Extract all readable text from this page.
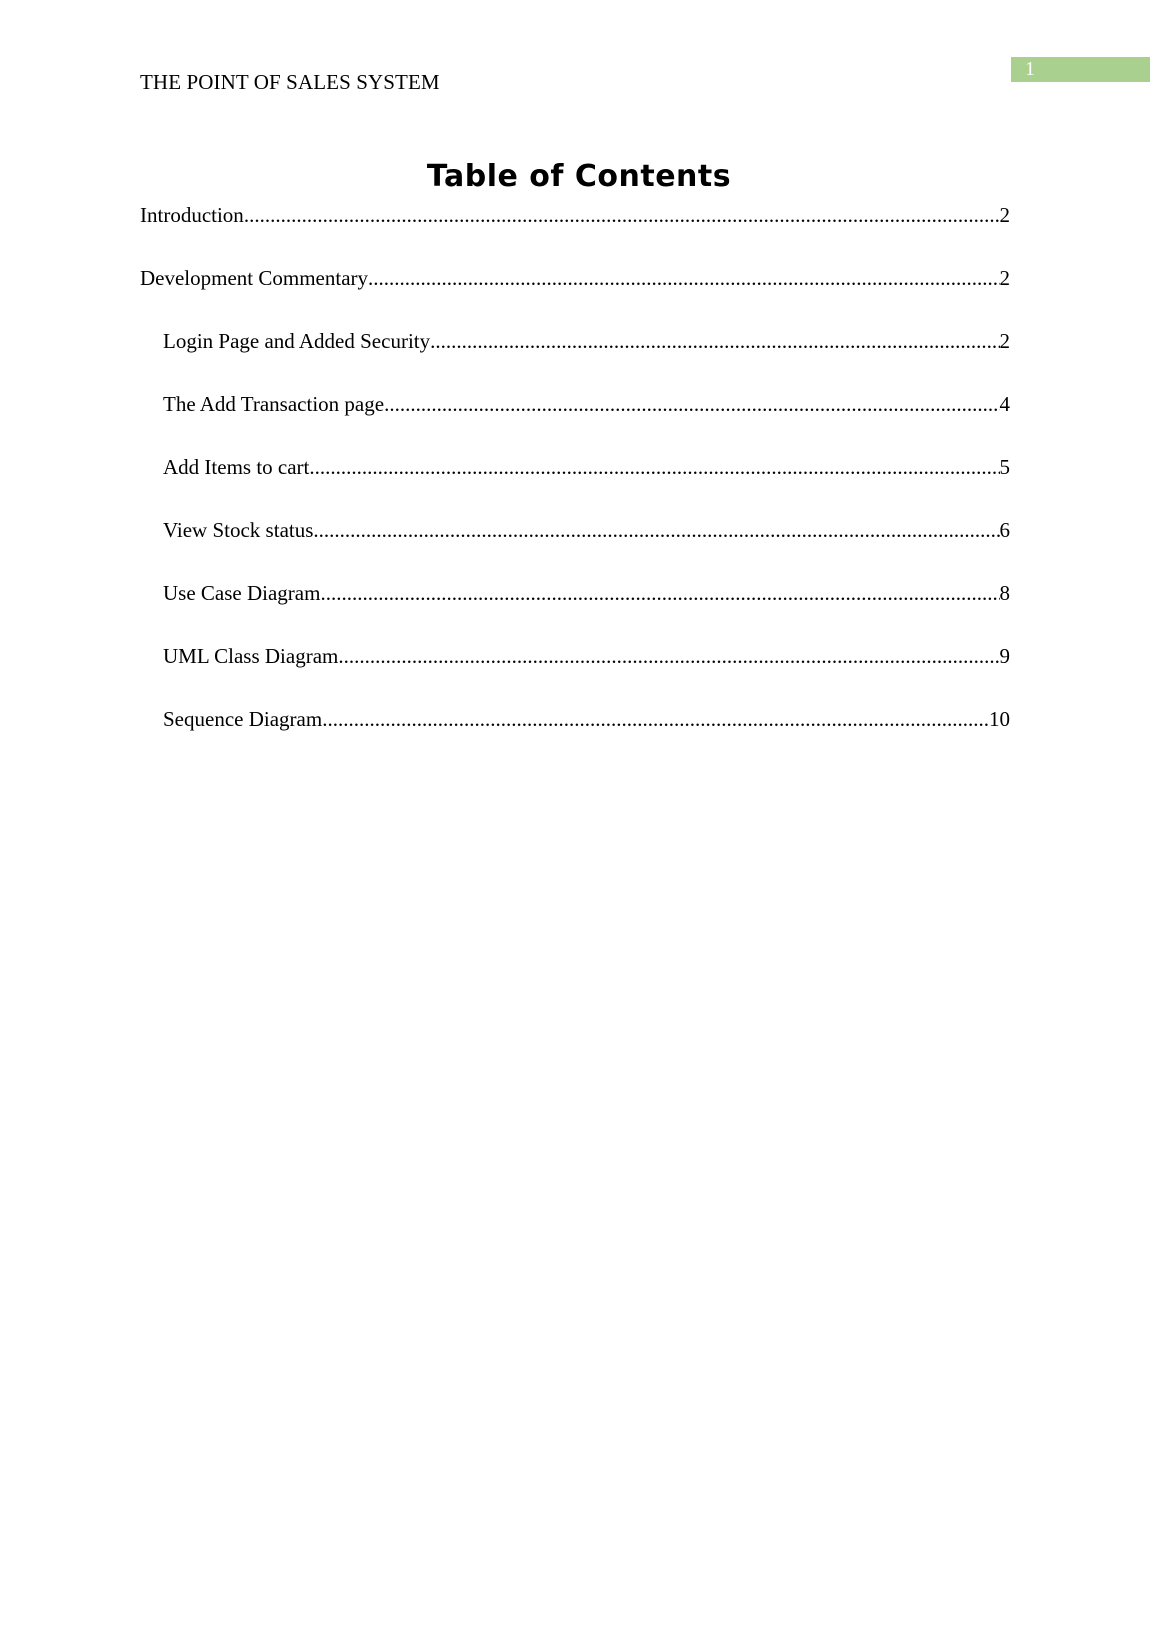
THE POINT OF SALES SYSTEM
1
Table of Contents
Introduction .....	2
Development Commentary .....	2
Login Page and Added Security .....	2
The Add Transaction page .....	4
Add Items to cart .....	5
View Stock status .....	6
Use Case Diagram .....	8
UML Class Diagram .....	9
Sequence Diagram .....	10
